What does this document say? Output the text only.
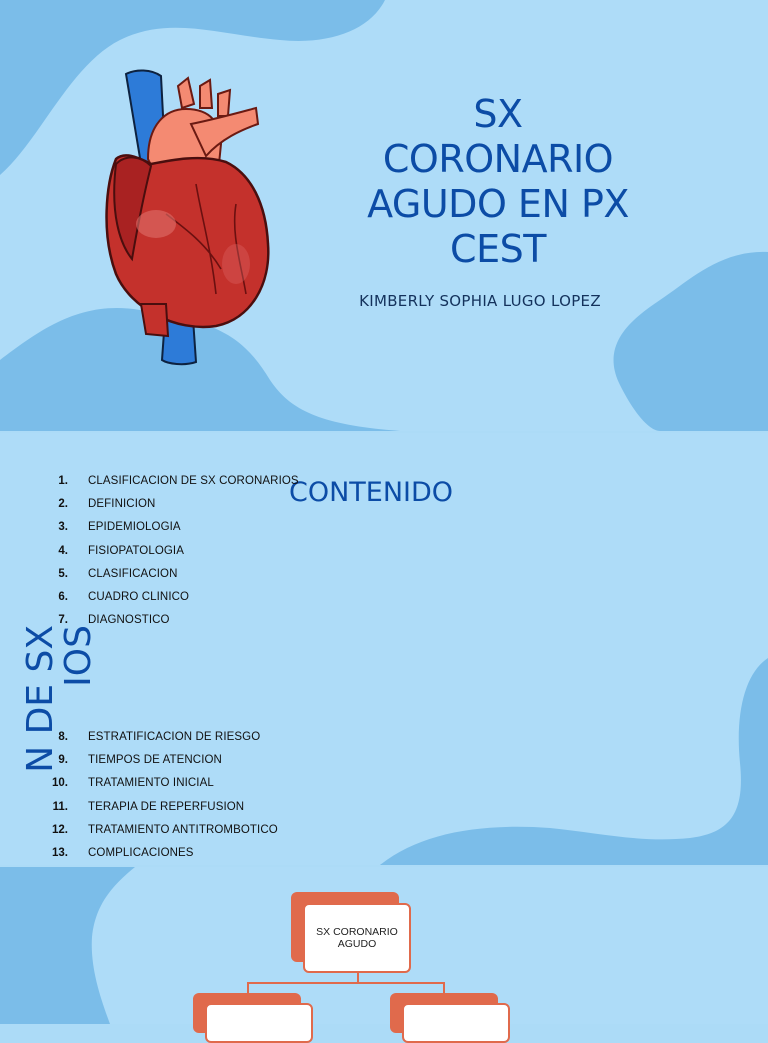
SX
CORONARIO
AGUDO EN PX
CEST
KIMBERLY SOPHIA LUGO LOPEZ
CONTENIDO
1. CLASIFICACION DE SX CORONARIOS
2. DEFINICION
3. EPIDEMIOLOGIA
4. FISIOPATOLOGIA
5. CLASIFICACION
6. CUADRO CLINICO
7. DIAGNOSTICO
8. ESTRATIFICACION DE RIESGO
9. TIEMPOS DE ATENCION
10. TRATAMIENTO INICIAL
11. TERAPIA DE REPERFUSION
12. TRATAMIENTO ANTITROMBOTICO
13. COMPLICACIONES
N DE SX
IOS
SX CORONARIO
AGUDO
